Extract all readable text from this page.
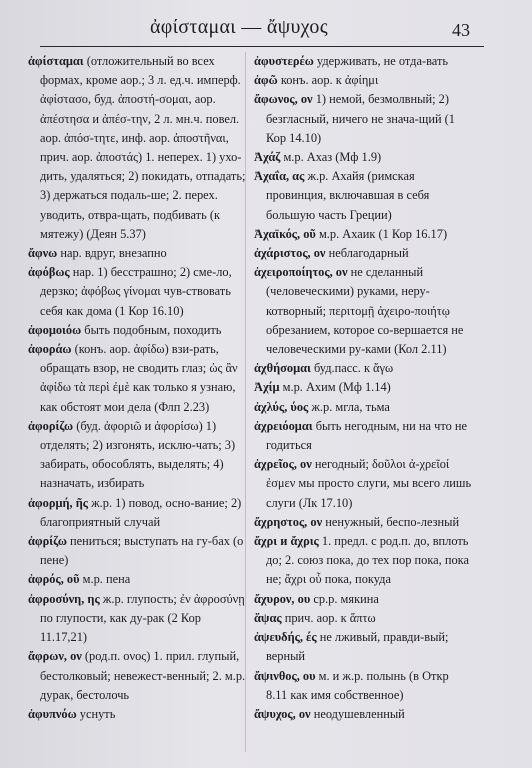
ἀφίσταμαι — ἄψυχος	43

ἀφίσταμαι (отложительный во всех формах, кроме аор.; 3 л. ед.ч. имперф. ἀφίστασο, буд. ἀποστή-σομαι, аор. ἀπέστησα и ἀπέσ-την, 2 л. мн.ч. повел. аор. ἀπόσ-τητε, инф. аор. ἀποστῆναι, прич. аор. ἀποστάς) 1. неперех. 1) ухо-дить, удаляться; 2) покидать, отпадать; 3) держаться подаль-ше; 2. перех. уводить, отвра-щать, подбивать (к мятежу) (Деян 5.37)

ἄφνω нар. вдруг, внезапно

ἀφόβως нар. 1) бесстрашно; 2) сме-ло, дерзко; ἀφόβως γίνομαι чув-ствовать себя как дома (1 Кор 16.10)

ἀφομοιόω быть подобным, походить

ἀφοράω (конъ. аор. ἀφίδω) взи-рать, обращать взор, не сводить глаз; ὡς ἂν ἀφίδω τὰ περὶ ἐμὲ как только я узнаю, как обстоят мои дела (Флп 2.23)

ἀφορίζω (буд. ἀφοριῶ и ἀφορίσω) 1) отделять; 2) изгонять, исклю-чать; 3) забирать, обособлять, выделять; 4) назначать, избирать

ἀφορμή, ῆς ж.р. 1) повод, осно-вание; 2) благоприятный случай

ἀφρίζω пениться; выступать на гу-бах (о пене)

ἀφρός, οῦ м.р. пена

ἀφροσύνη, ης ж.р. глупость; ἐν ἀφροσύνῃ по глупости, как ду-рак (2 Кор 11.17,21)

ἄφρων, ον (род.п. ονος) 1. прил. глупый, бестолковый; невежест-венный; 2. м.р. дурак, бестолочь

ἀφυπνόω уснуть

ἀφυστερέω удерживать, не отда-вать

ἀφῶ конъ. аор. к ἀφίημι

ἄφωνος, ον 1) немой, безмолвный; 2) безгласный, ничего не знача-щий (1 Кор 14.10)

Ἀχάζ м.р. Ахаз (Мф 1.9)

Ἀχαΐα, ας ж.р. Ахайя (римская провинция, включавшая в себя большую часть Греции)

Ἀχαϊκός, οῦ м.р. Ахаик (1 Кор 16.17)

ἀχάριστος, ον неблагодарный

ἀχειροποίητος, ον не сделанный (человеческими) руками, неру-котворный; περιτομῇ ἀχειρο-ποιήτῳ обрезанием, которое со-вершается не человеческими ру-ками (Кол 2.11)

ἀχθήσομαι буд.пасс. к ἄγω

Ἀχίμ м.р. Ахим (Мф 1.14)

ἀχλύς, ύος ж.р. мгла, тьма

ἀχρειόομαι быть негодным, ни на что не годиться

ἀχρεῖος, ον негодный; δοῦλοι ἀ-χρεῖοί ἐσμεν мы просто слуги, мы всего лишь слуги (Лк 17.10)

ἄχρηστος, ον ненужный, беспо-лезный

ἄχρι и ἄχρις 1. предл. с род.п. до, вплоть до; 2. союз пока, до тех пор пока, пока не; ἄχρι οὗ пока, покуда

ἄχυρον, ου ср.р. мякина

ἅψας прич. аор. к ἅπτω

ἀψευδής, ές не лживый, правди-вый; верный

ἄψινθος, ου м. и ж.р. полынь (в Откр 8.11 как имя собственное)

ἄψυχος, ον неодушевленный
